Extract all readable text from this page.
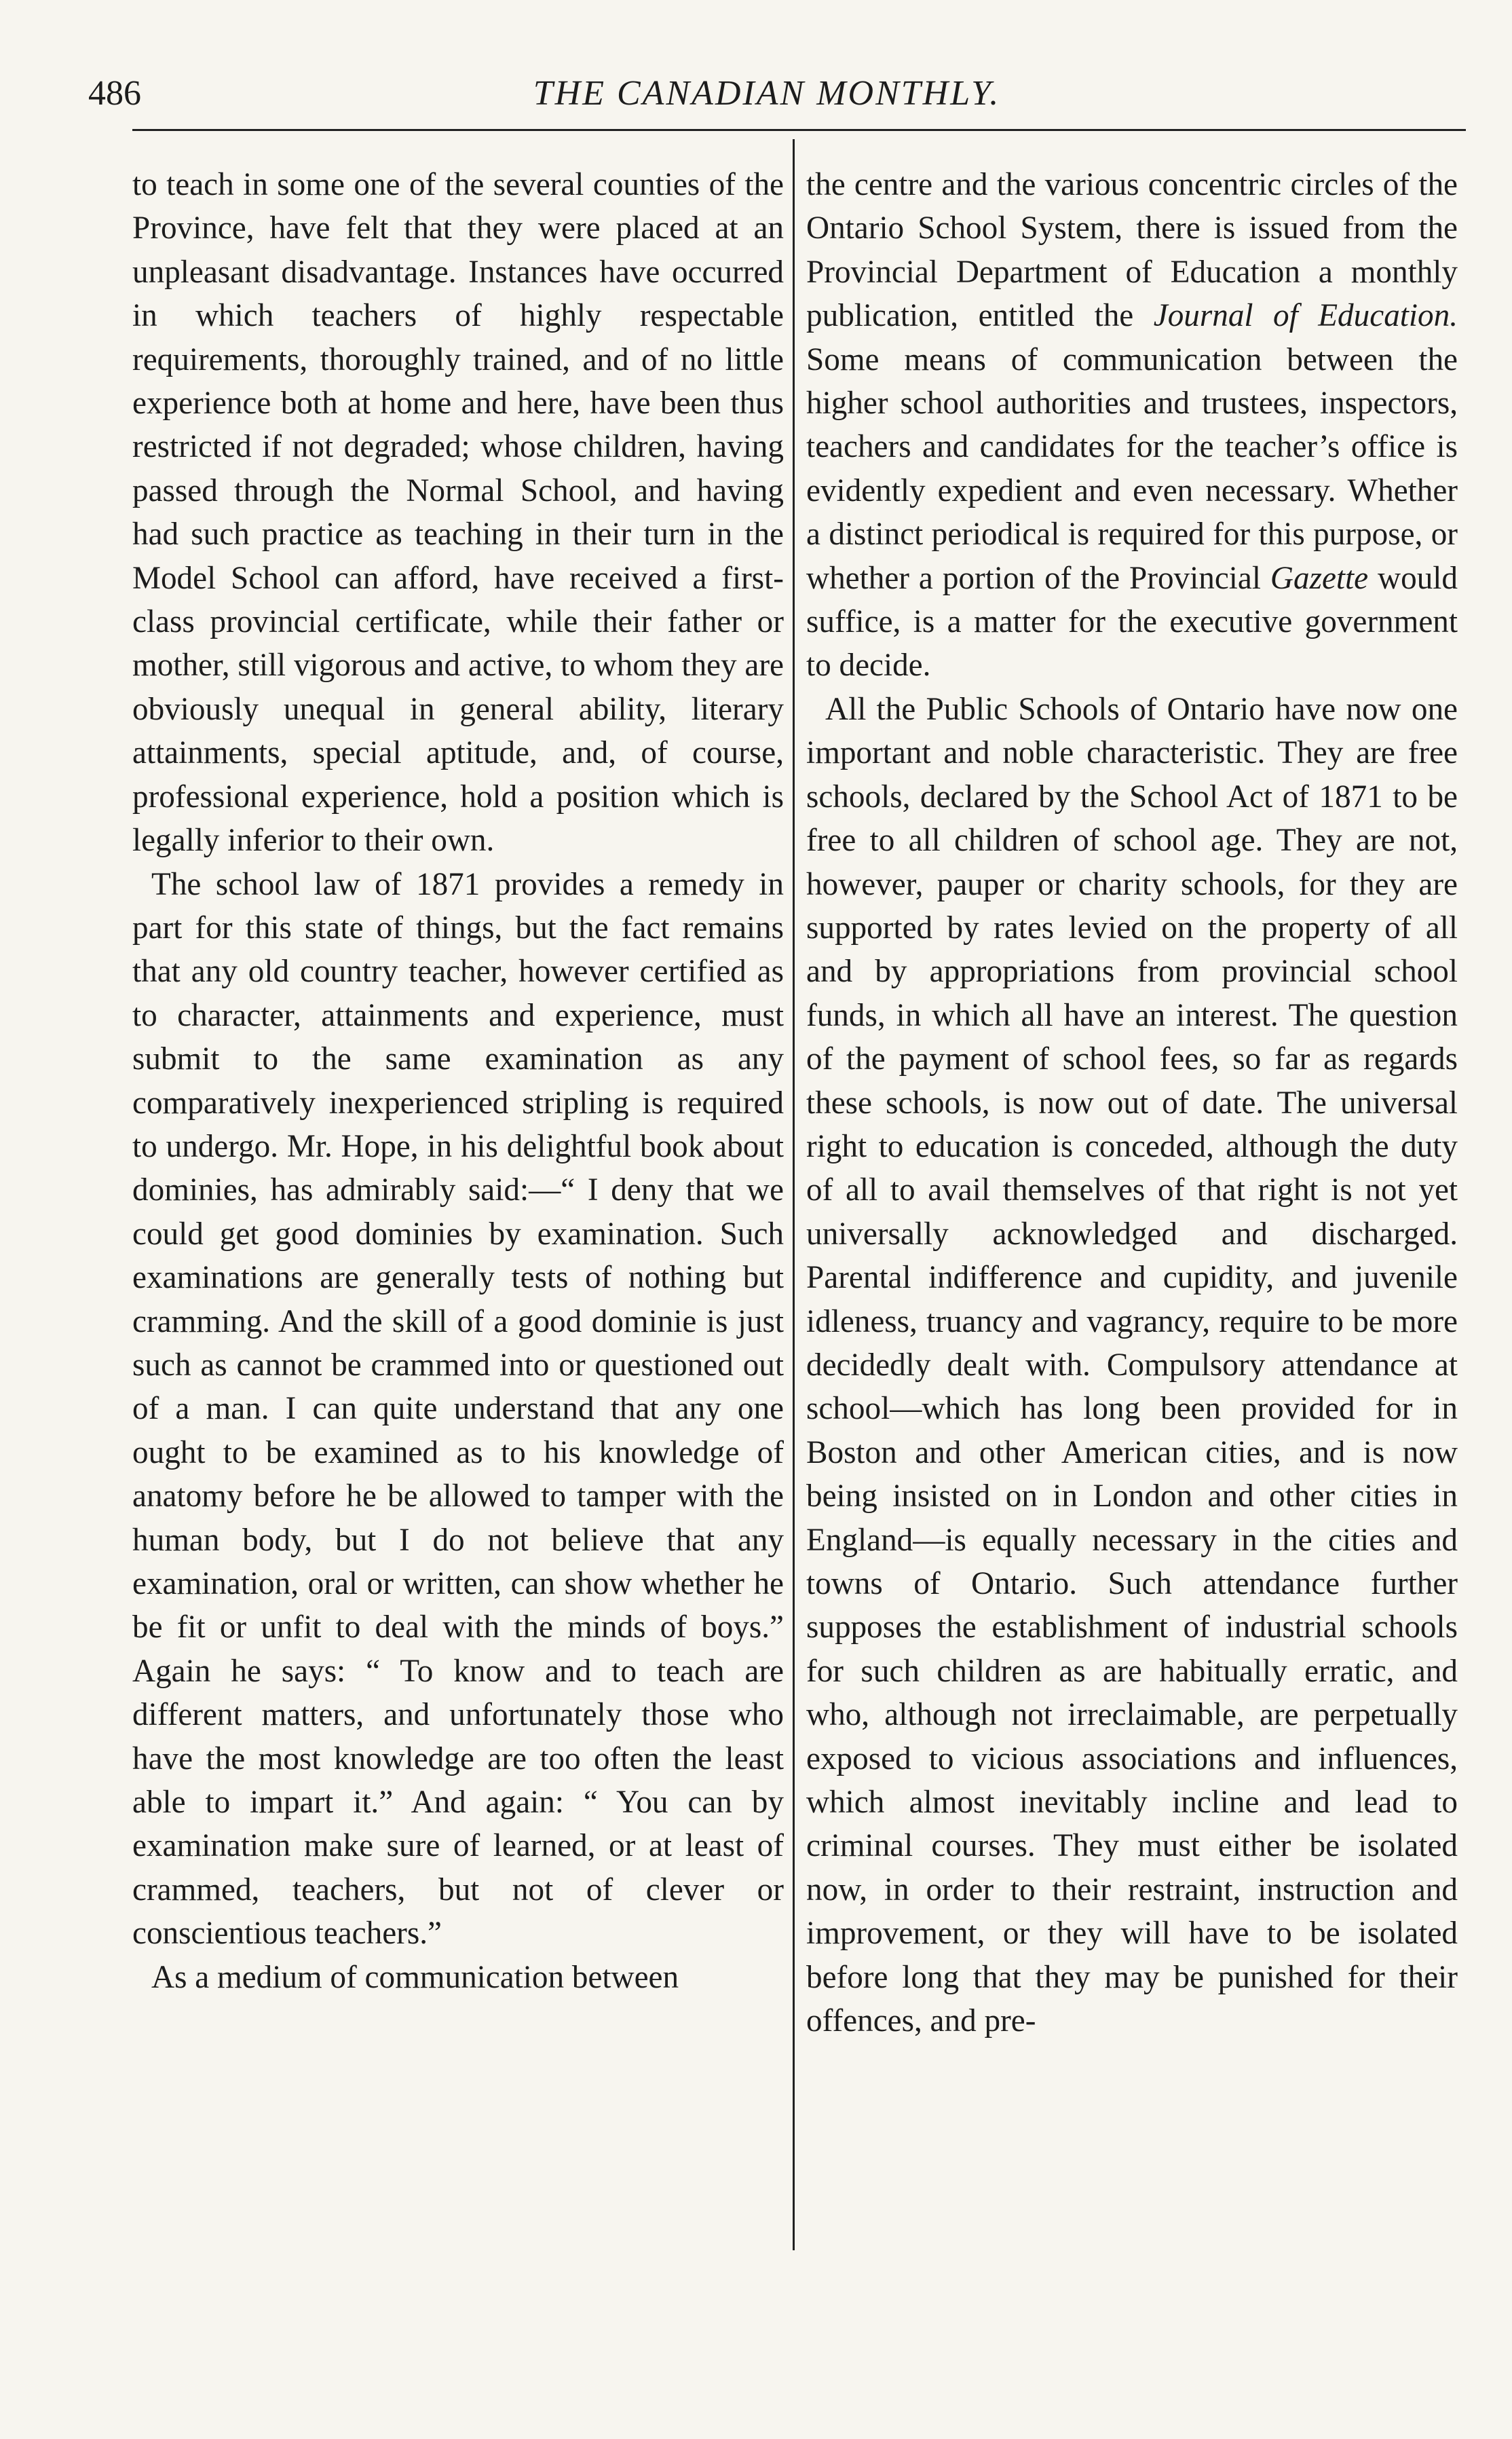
486	THE CANADIAN MONTHLY.

to teach in some one of the several counties of the Province, have felt that they were placed at an unpleasant disadvantage. Instances have occurred in which teachers of highly respectable requirements, thoroughly trained, and of no little experience both at home and here, have been thus restricted if not degraded; whose children, having passed through the Normal School, and having had such practice as teaching in their turn in the Model School can afford, have received a first-class provincial certificate, while their father or mother, still vigorous and active, to whom they are obviously unequal in general ability, literary attainments, special aptitude, and, of course, professional experience, hold a position which is legally inferior to their own.

The school law of 1871 provides a remedy in part for this state of things, but the fact remains that any old country teacher, however certified as to character, attainments and experience, must submit to the same examination as any comparatively inexperienced stripling is required to undergo. Mr. Hope, in his delightful book about dominies, has admirably said:—“ I deny that we could get good dominies by examination. Such examinations are generally tests of nothing but cramming. And the skill of a good dominie is just such as cannot be crammed into or questioned out of a man. I can quite understand that any one ought to be examined as to his knowledge of anatomy before he be allowed to tamper with the human body, but I do not believe that any examination, oral or written, can show whether he be fit or unfit to deal with the minds of boys.” Again he says: “ To know and to teach are different matters, and unfortunately those who have the most knowledge are too often the least able to impart it.” And again: “ You can by examination make sure of learned, or at least of crammed, teachers, but not of clever or conscientious teachers.”

As a medium of communication between

the centre and the various concentric circles of the Ontario School System, there is issued from the Provincial Department of Education a monthly publication, entitled the Journal of Education. Some means of communication between the higher school authorities and trustees, inspectors, teachers and candidates for the teacher’s office is evidently expedient and even necessary. Whether a distinct periodical is required for this purpose, or whether a portion of the Provincial Gazette would suffice, is a matter for the executive government to decide.

All the Public Schools of Ontario have now one important and noble characteristic. They are free schools, declared by the School Act of 1871 to be free to all children of school age. They are not, however, pauper or charity schools, for they are supported by rates levied on the property of all and by appropriations from provincial school funds, in which all have an interest. The question of the payment of school fees, so far as regards these schools, is now out of date. The universal right to education is conceded, although the duty of all to avail themselves of that right is not yet universally acknowledged and discharged. Parental indifference and cupidity, and juvenile idleness, truancy and vagrancy, require to be more decidedly dealt with. Compulsory attendance at school—which has long been provided for in Boston and other American cities, and is now being insisted on in London and other cities in England—is equally necessary in the cities and towns of Ontario. Such attendance further supposes the establishment of industrial schools for such children as are habitually erratic, and who, although not irreclaimable, are perpetually exposed to vicious associations and influences, which almost inevitably incline and lead to criminal courses. They must either be isolated now, in order to their restraint, instruction and improvement, or they will have to be isolated before long that they may be punished for their offences, and pre-
